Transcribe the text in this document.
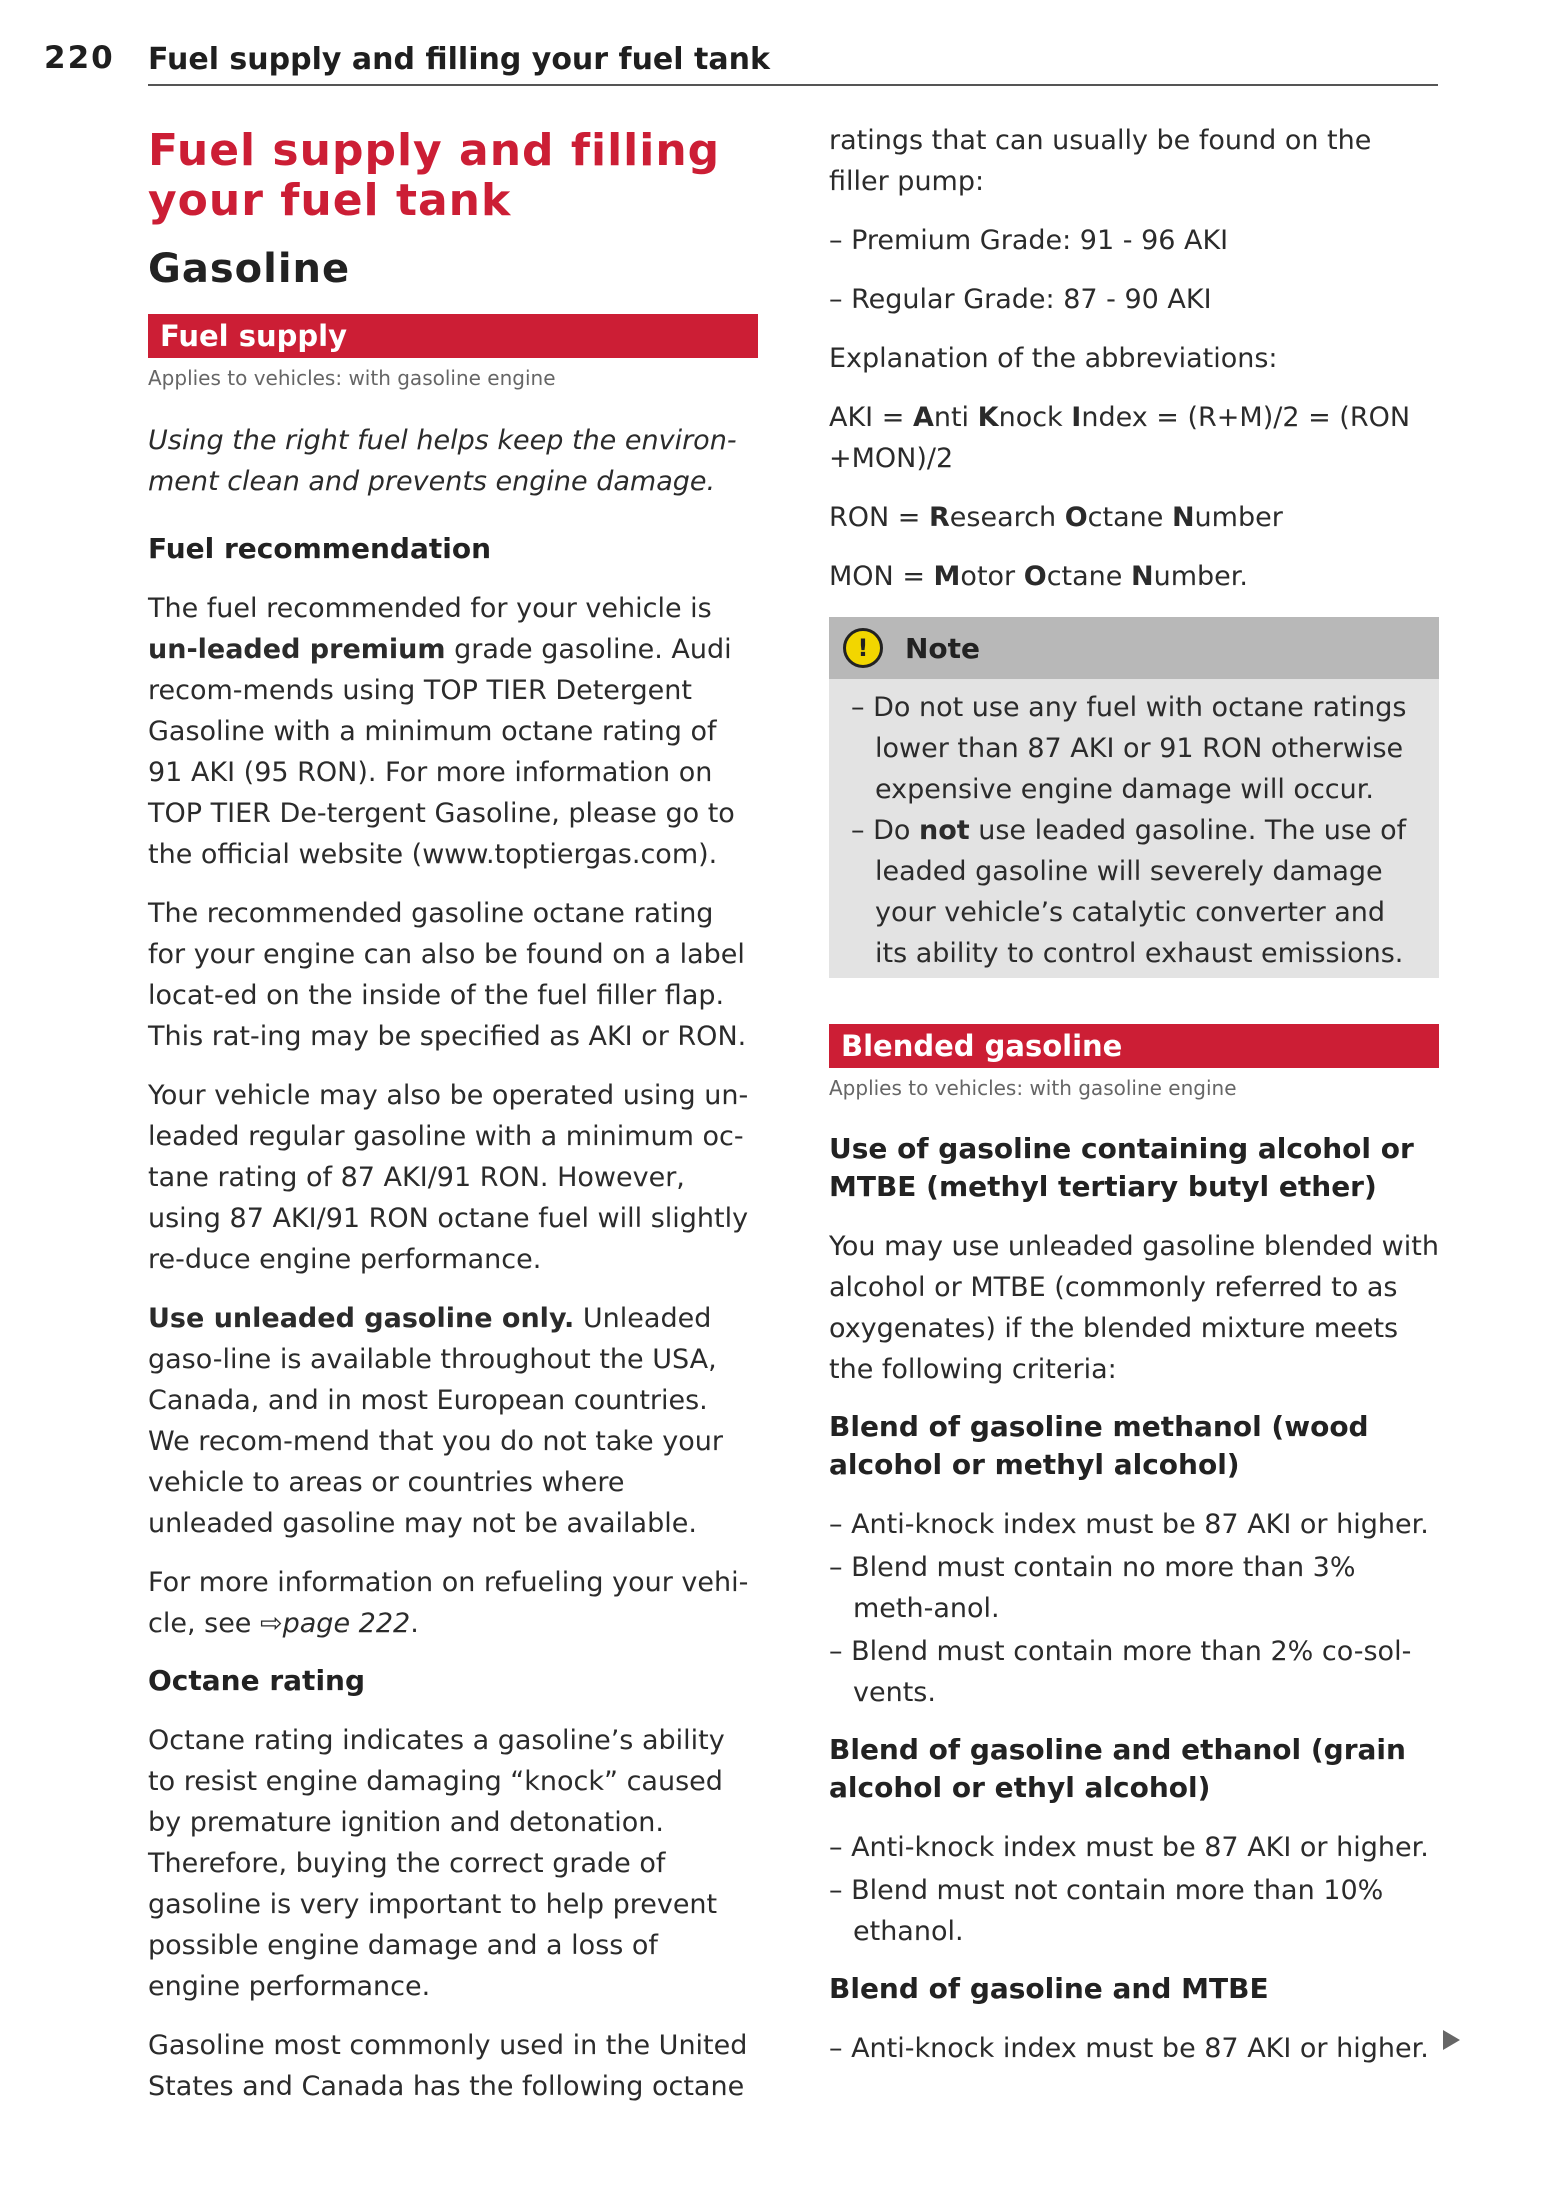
220 Fuel supply and filling your fuel tank
Fuel supply and filling
your fuel tank
Gasoline
Fuel supply
Applies to vehicles: with gasoline engine
Using the right fuel helps keep the environ-ment clean and prevents engine damage.
Fuel recommendation

The fuel recommended for your vehicle is un-leaded premium grade gasoline. Audi recom-mends using TOP TIER Detergent Gasoline with a minimum octane rating of 91 AKI (95 RON). For more information on TOP TIER De-tergent Gasoline, please go to the official website (www.toptiergas.com).

The recommended gasoline octane rating for your engine can also be found on a label locat-ed on the inside of the fuel filler flap. This rat-ing may be specified as AKI or RON.

Your vehicle may also be operated using un-leaded regular gasoline with a minimum oc-tane rating of 87 AKI/91 RON. However, using 87 AKI/91 RON octane fuel will slightly re-duce engine performance.

Use unleaded gasoline only. Unleaded gaso-line is available throughout the USA, Canada, and in most European countries. We recom-mend that you do not take your vehicle to areas or countries where unleaded gasoline may not be available.

For more information on refueling your vehi-cle, see ⇨page 222.

Octane rating

Octane rating indicates a gasoline’s ability to resist engine damaging “knock” caused by premature ignition and detonation. Therefore, buying the correct grade of gasoline is very important to help prevent possible engine damage and a loss of engine performance.

Gasoline most commonly used in the United States and Canada has the following octane

ratings that can usually be found on the filler pump:

– Premium Grade: 91 - 96 AKI
– Regular Grade: 87 - 90 AKI

Explanation of the abbreviations:

AKI = Anti Knock Index = (R+M)/2 = (RON +MON)/2

RON = Research Octane Number

MON = Motor Octane Number.

!	Note
– Do not use any fuel with octane ratings lower than 87 AKI or 91 RON otherwise expensive engine damage will occur.
– Do not use leaded gasoline. The use of leaded gasoline will severely damage your vehicle’s catalytic converter and its ability to control exhaust emissions.
Blended gasoline
Applies to vehicles: with gasoline engine
Use of gasoline containing alcohol or MTBE (methyl tertiary butyl ether)

You may use unleaded gasoline blended with alcohol or MTBE (commonly referred to as oxygenates) if the blended mixture meets the following criteria:

Blend of gasoline methanol (wood alcohol or methyl alcohol)
– Anti-knock index must be 87 AKI or higher.
– Blend must contain no more than 3% meth-anol.
– Blend must contain more than 2% co-sol-vents.
Blend of gasoline and ethanol (grain alcohol or ethyl alcohol)
– Anti-knock index must be 87 AKI or higher.
– Blend must not contain more than 10% ethanol.
Blend of gasoline and MTBE
– Anti-knock index must be 87 AKI or higher.
